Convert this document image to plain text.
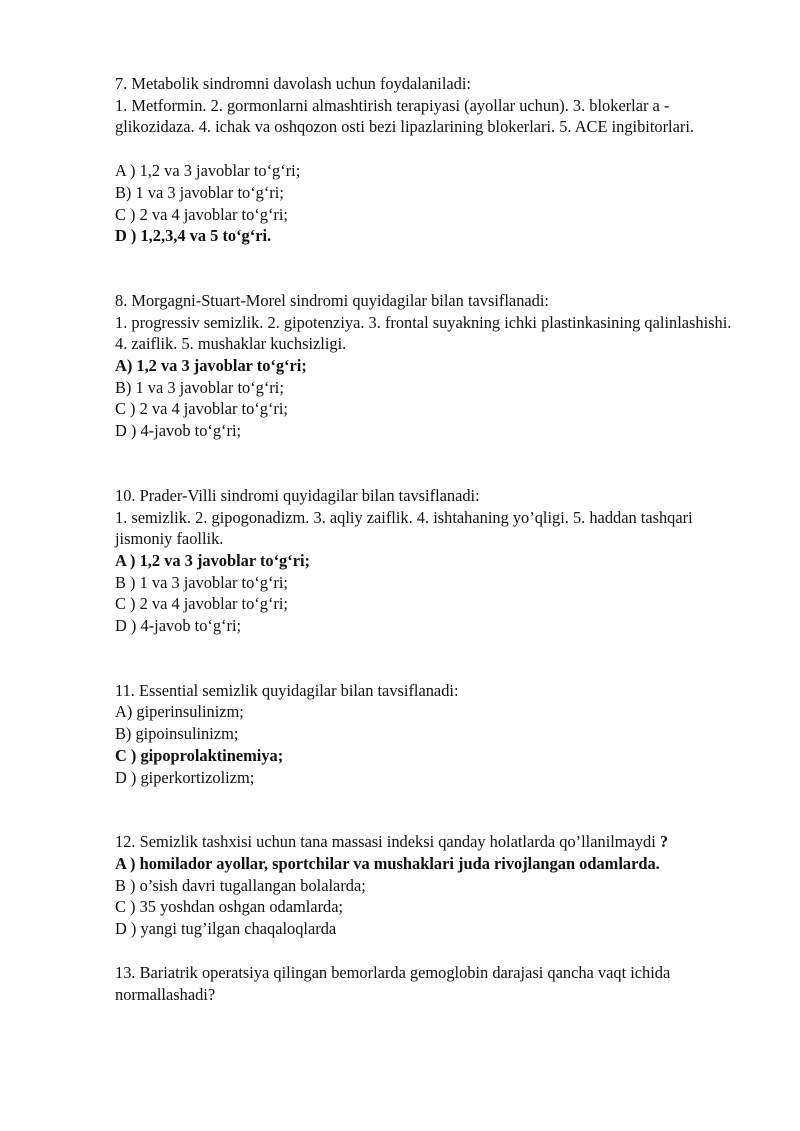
7. Metabolik sindromni davolash uchun foydalaniladi:

1. Metformin. 2. gormonlarni almashtirish terapiyasi (ayollar uchun). 3. blokerlar a - glikozidaza. 4. ichak va oshqozon osti bezi lipazlarining blokerlari. 5. ACE ingibitorlari.

A ) 1,2 va 3 javoblar to‘g‘ri;

B) 1 va 3 javoblar to‘g‘ri;

C ) 2 va 4 javoblar to‘g‘ri;

D ) 1,2,3,4 va 5 to‘g‘ri.

8. Morgagni-Stuart-Morel sindromi quyidagilar bilan tavsiflanadi:

1. progressiv semizlik. 2. gipotenziya. 3. frontal suyakning ichki plastinkasining qalinlashishi. 4. zaiflik. 5. mushaklar kuchsizligi.

A) 1,2 va 3 javoblar to‘g‘ri;

B) 1 va 3 javoblar to‘g‘ri;

C ) 2 va 4 javoblar to‘g‘ri;

D ) 4-javob to‘g‘ri;

10. Prader-Villi sindromi quyidagilar bilan tavsiflanadi:

1. semizlik. 2. gipogonadizm. 3. aqliy zaiflik. 4. ishtahaning yo’qligi. 5. haddan tashqari jismoniy faollik.

A ) 1,2 va 3 javoblar to‘g‘ri;

B ) 1 va 3 javoblar to‘g‘ri;

C ) 2 va 4 javoblar to‘g‘ri;

D ) 4-javob to‘g‘ri;

11. Essential semizlik quyidagilar bilan tavsiflanadi:

A) giperinsulinizm;

B) gipoinsulinizm;

C ) gipoprolaktinemiya;

D ) giperkortizolizm;

12. Semizlik tashxisi uchun tana massasi indeksi qanday holatlarda qo’llanilmaydi ?

A ) homilador ayollar, sportchilar va mushaklari juda rivojlangan odamlarda.

B ) o’sish davri tugallangan bolalarda;

C ) 35 yoshdan oshgan odamlarda;

D ) yangi tug’ilgan chaqaloqlarda

13. Bariatrik operatsiya qilingan bemorlarda gemoglobin darajasi qancha vaqt ichida normallashadi?
